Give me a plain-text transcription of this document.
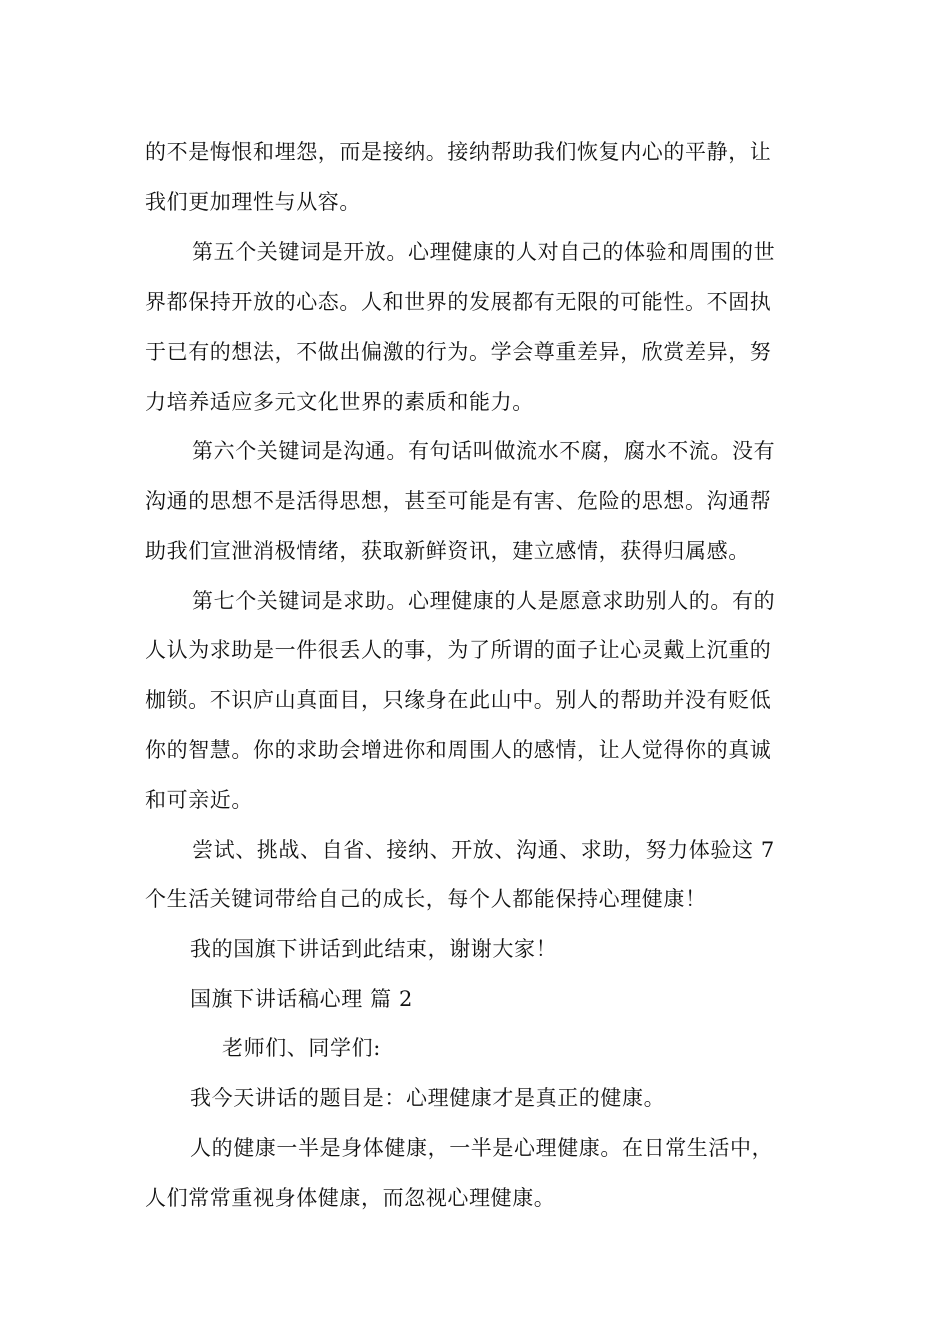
的不是悔恨和埋怨，而是接纳。接纳帮助我们恢复内心的平静，让
我们更加理性与从容。
第五个关键词是开放。心理健康的人对自己的体验和周围的世
界都保持开放的心态。人和世界的发展都有无限的可能性。不固执
于已有的想法，不做出偏激的行为。学会尊重差异，欣赏差异，努
力培养适应多元文化世界的素质和能力。
第六个关键词是沟通。有句话叫做流水不腐，腐水不流。没有
沟通的思想不是活得思想，甚至可能是有害、危险的思想。沟通帮
助我们宣泄消极情绪，获取新鲜资讯，建立感情，获得归属感。
第七个关键词是求助。心理健康的人是愿意求助别人的。有的
人认为求助是一件很丢人的事，为了所谓的面子让心灵戴上沉重的
枷锁。不识庐山真面目，只缘身在此山中。别人的帮助并没有贬低
你的智慧。你的求助会增进你和周围人的感情，让人觉得你的真诚
和可亲近。
尝试、挑战、自省、接纳、开放、沟通、求助，努力体验这 7
个生活关键词带给自己的成长，每个人都能保持心理健康！
我的国旗下讲话到此结束，谢谢大家！
国旗下讲话稿心理 篇 2
老师们、同学们:
我今天讲话的题目是：心理健康才是真正的健康。
人的健康一半是身体健康，一半是心理健康。在日常生活中，
人们常常重视身体健康，而忽视心理健康。
